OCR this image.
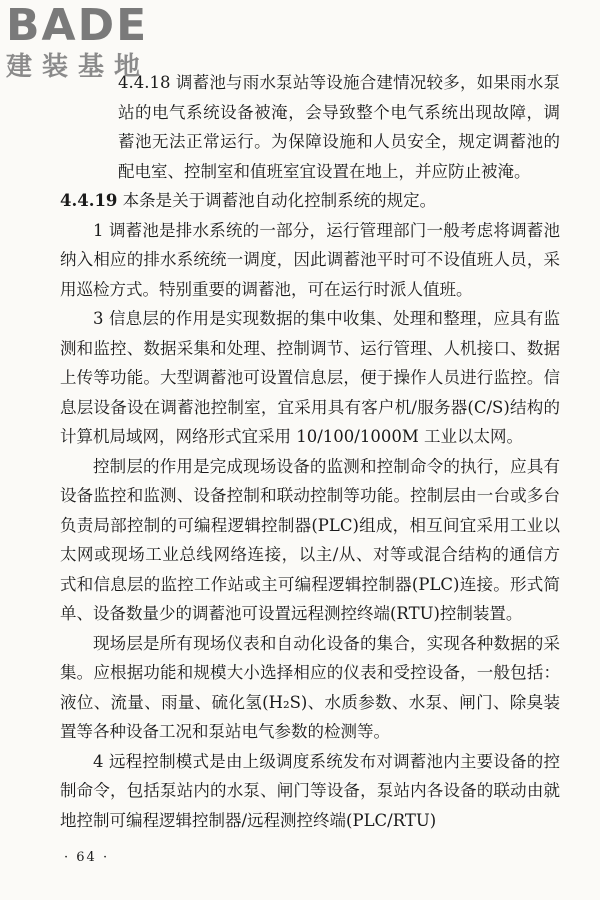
BADE
建装基地

4.4.18 调蓄池与雨水泵站等设施合建情况较多，如果雨水泵站的电气系统设备被淹，会导致整个电气系统出现故障，调蓄池无法正常运行。为保障设施和人员安全，规定调蓄池的配电室、控制室和值班室宜设置在地上，并应防止被淹。

4.4.19 本条是关于调蓄池自动化控制系统的规定。

1 调蓄池是排水系统的一部分，运行管理部门一般考虑将调蓄池纳入相应的排水系统统一调度，因此调蓄池平时可不设值班人员，采用巡检方式。特别重要的调蓄池，可在运行时派人值班。

3 信息层的作用是实现数据的集中收集、处理和整理，应具有监测和监控、数据采集和处理、控制调节、运行管理、人机接口、数据上传等功能。大型调蓄池可设置信息层，便于操作人员进行监控。信息层设备设在调蓄池控制室，宜采用具有客户机/服务器(C/S)结构的计算机局域网，网络形式宜采用 10/100/1000M 工业以太网。

控制层的作用是完成现场设备的监测和控制命令的执行，应具有设备监控和监测、设备控制和联动控制等功能。控制层由一台或多台负责局部控制的可编程逻辑控制器(PLC)组成，相互间宜采用工业以太网或现场工业总线网络连接，以主/从、对等或混合结构的通信方式和信息层的监控工作站或主可编程逻辑控制器(PLC)连接。形式简单、设备数量少的调蓄池可设置远程测控终端(RTU)控制装置。

现场层是所有现场仪表和自动化设备的集合，实现各种数据的采集。应根据功能和规模大小选择相应的仪表和受控设备，一般包括：液位、流量、雨量、硫化氢(H₂S)、水质参数、水泵、闸门、除臭装置等各种设备工况和泵站电气参数的检测等。

4 远程控制模式是由上级调度系统发布对调蓄池内主要设备的控制命令，包括泵站内的水泵、闸门等设备，泵站内各设备的联动由就地控制可编程逻辑控制器/远程测控终端(PLC/RTU)

· 64 ·
